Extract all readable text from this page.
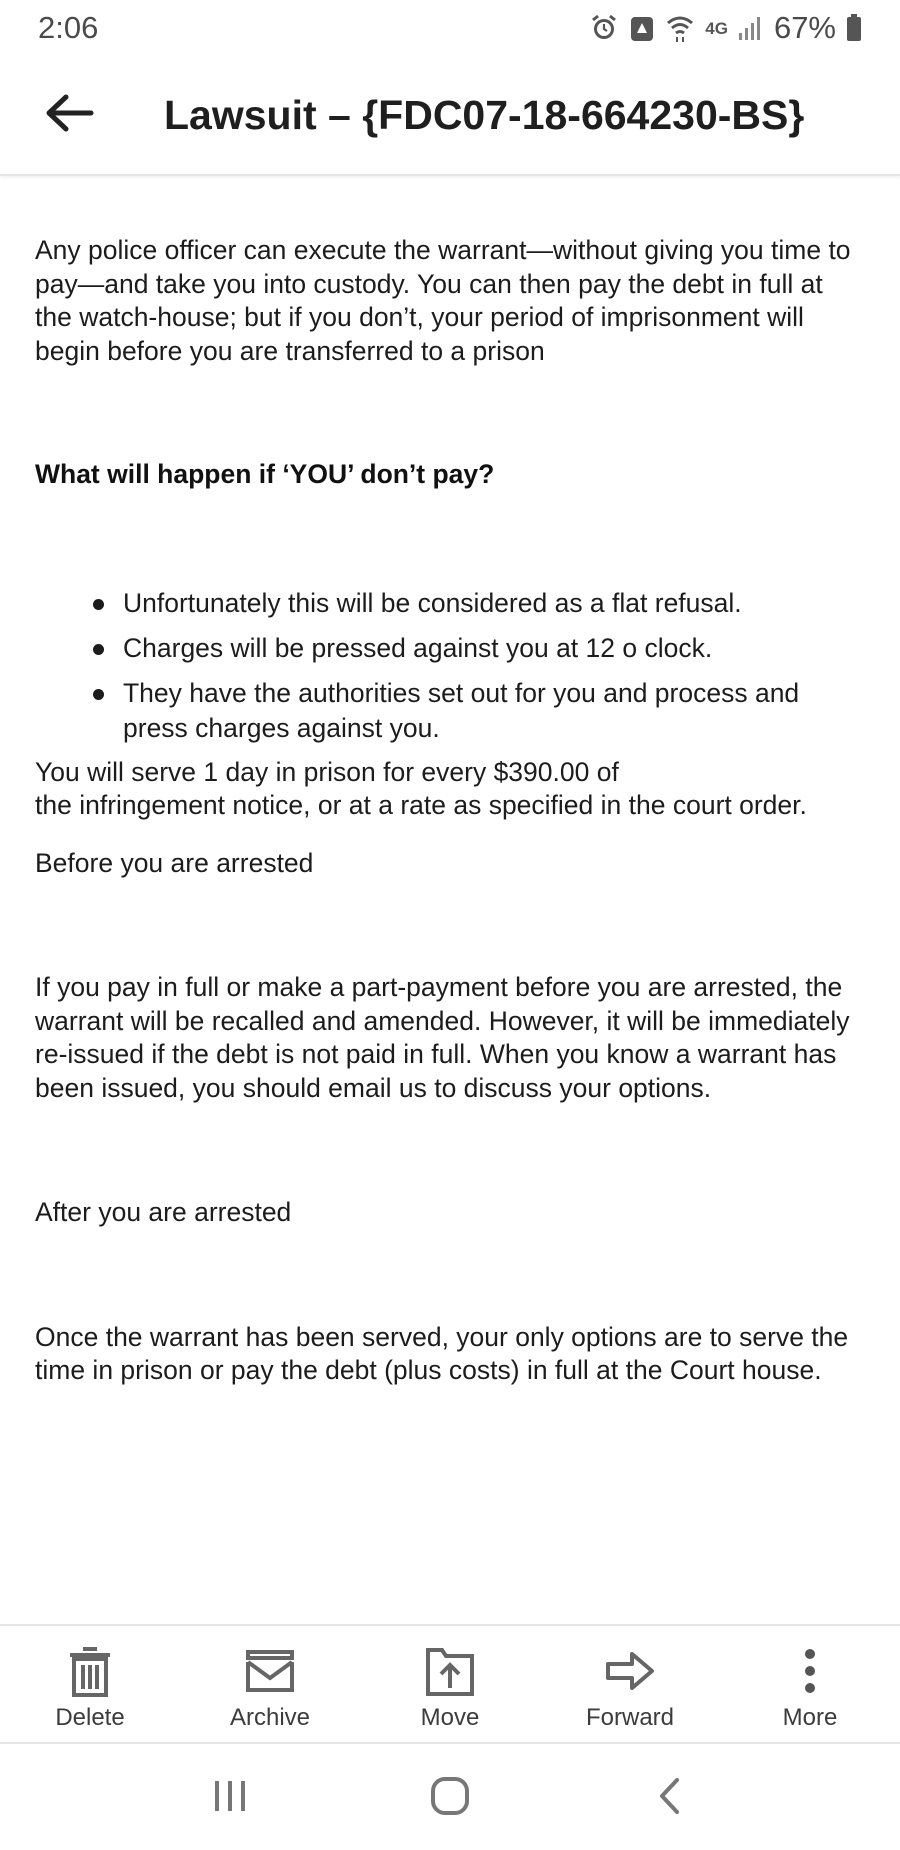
2:06	4G 67%
Lawsuit – {FDC07-18-664230-BS}

Any police officer can execute the warrant—without giving you time to pay—and take you into custody. You can then pay the debt in full at the watch-house; but if you don’t, your period of imprisonment will begin before you are transferred to a prison

What will happen if ‘YOU’ don’t pay?

Unfortunately this will be considered as a flat refusal.
Charges will be pressed against you at 12 o clock.
They have the authorities set out for you and process and press charges against you.

You will serve 1 day in prison for every $390.00 of

the infringement notice, or at a rate as specified in the court order.

Before you are arrested

If you pay in full or make a part-payment before you are arrested, the warrant will be recalled and amended. However, it will be immediately re-issued if the debt is not paid in full. When you know a warrant has been issued, you should email us to discuss your options.

After you are arrested

Once the warrant has been served, your only options are to serve the time in prison or pay the debt (plus costs) in full at the Court house.

Delete	Archive	Move	Forward	More
